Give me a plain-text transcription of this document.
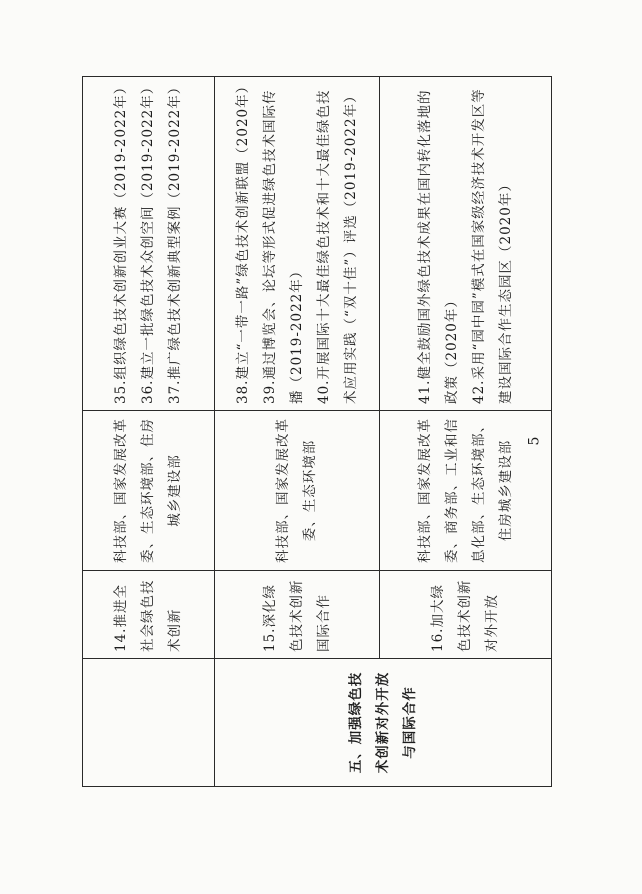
	14.推进全社会绿色技术创新	科技部、国家发展改革委、生态环境部、住房城乡建设部	35.组织绿色技术创新创业大赛（2019-2022年） 36.建立一批绿色技术众创空间（2019-2022年） 37.推广绿色技术创新典型案例（2019-2022年）

五、加强绿色技术创新对外开放与国际合作	15.深化绿色技术创新国际合作	科技部、国家发展改革委、生态环境部	38.建立“一带一路”绿色技术创新联盟（2020年） 39.通过博览会、论坛等形式促进绿色技术国际传播（2019-2022年） 40.开展国际十大最佳绿色技术和十大最佳绿色技术应用实践（“双十佳”）评选（2019-2022年）

	16.加大绿色技术创新对外开放	科技部、国家发展改革委、商务部、工业和信息化部、生态环境部、住房城乡建设部	41.健全鼓励国外绿色技术成果在国内转化落地的政策（2020年） 42.采用“园中园”模式在国家级经济技术开发区等建设国际合作生态园区（2020年）
5
